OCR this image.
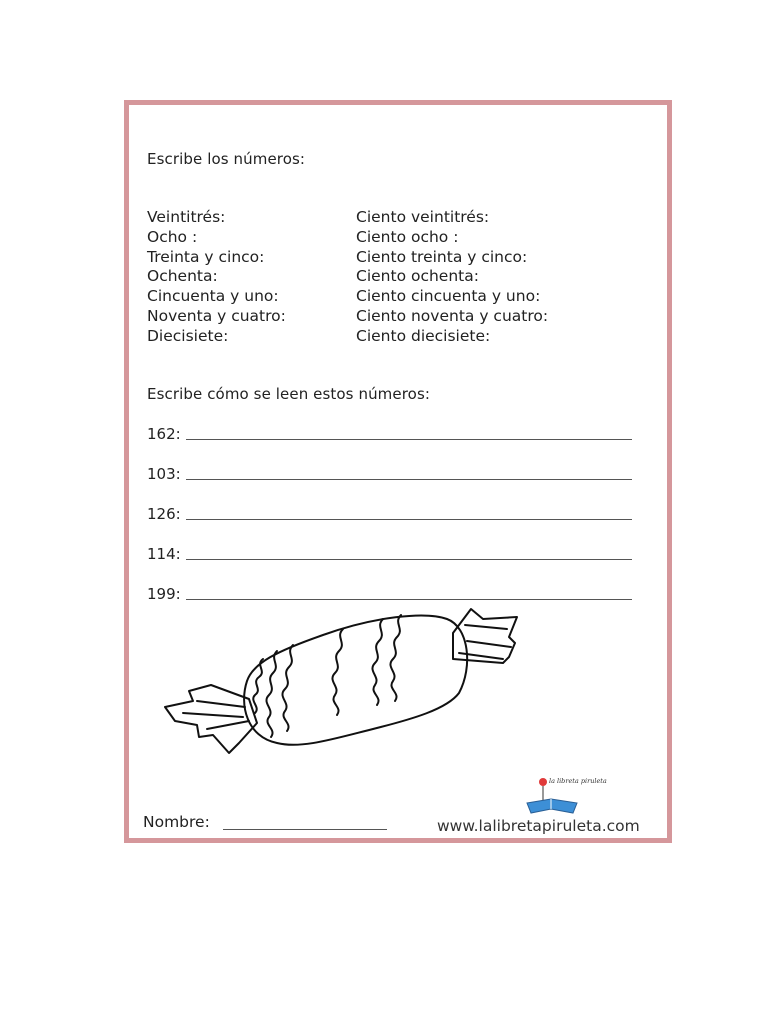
Escribe los números:
Veintitrés:
Ocho :
Treinta y cinco:
Ochenta:
Cincuenta y uno:
Noventa y cuatro:
Diecisiete:
Ciento veintitrés:
Ciento ocho :
Ciento treinta y cinco:
Ciento ochenta:
Ciento cincuenta y uno:
Ciento noventa y cuatro:
Ciento diecisiete:
Escribe cómo se leen estos números:
162:
103:
126:
114:
199:
Nombre:
la libreta piruleta
www.lalibretapiruleta.com
